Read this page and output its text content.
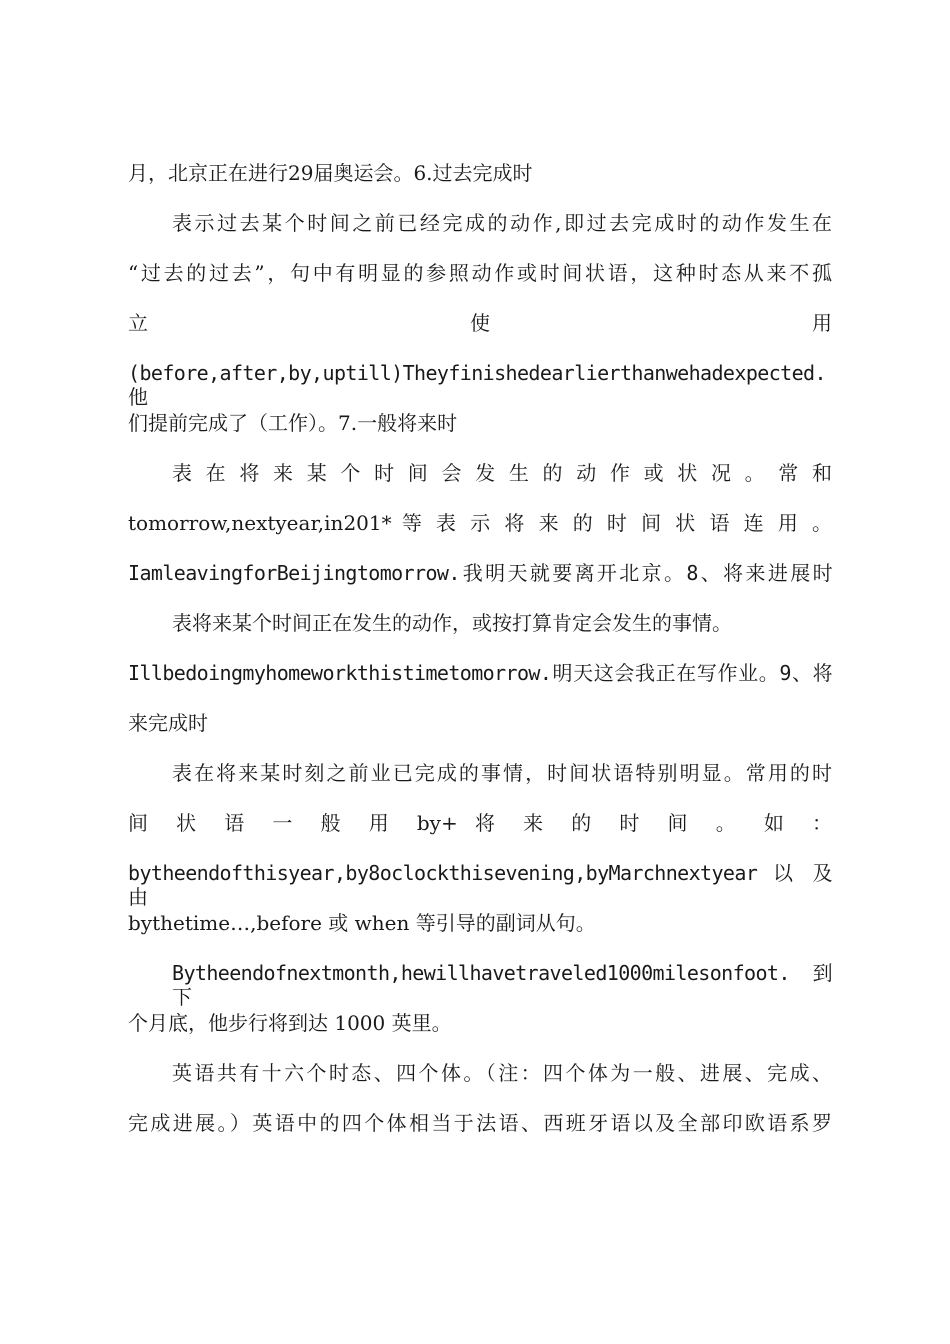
月，北京正在进行29届奥运会。6.过去完成时
表示过去某个时间之前已经完成的动作,即过去完成时的动作发生在
“过去的过去”，句中有明显的参照动作或时间状语，这种时态从来不孤
立 使 用
(before,after,by,uptill)Theyfinishedearlierthanwehadexpected.他
们提前完成了（工作）。7.一般将来时
表 在 将 来 某 个 时 间 会 发 生 的 动 作 或 状 况 。 常 和
tomorrow,nextyear,in201* 等 表 示 将 来 的 时 间 状 语 连 用 。
IamleavingforBeijingtomorrow.我明天就要离开北京。8、将来进展时
表将来某个时间正在发生的动作，或按打算肯定会发生的事情。
Illbedoingmyhomeworkthistimetomorrow.明天这会我正在写作业。9、将
来完成时
表在将来某时刻之前业已完成的事情，时间状语特别明显。常用的时
间 状 语 一 般 用 by+ 将 来 的 时 间 。 如 ：
bytheendofthisyear,by8oclockthisevening,byMarchnextyear 以 及 由
bythetime…,before 或 when 等引导的副词从句。
Bytheendofnextmonth,hewillhavetraveled1000milesonfoot. 到 下
个月底，他步行将到达 1000 英里。
英语共有十六个时态、四个体。（注：四个体为一般、进展、完成、
完成进展。）英语中的四个体相当于法语、西班牙语以及全部印欧语系罗
